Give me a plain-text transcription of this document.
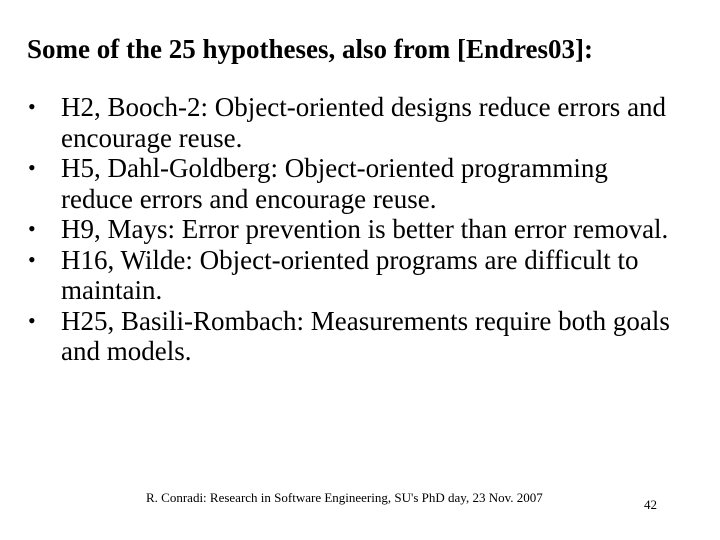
Some of the 25 hypotheses, also from [Endres03]:
• H2, Booch-2: Object-oriented designs reduce errors and encourage reuse.
• H5, Dahl-Goldberg: Object-oriented programming reduce errors and encourage reuse.
• H9, Mays: Error prevention is better than error removal.
• H16, Wilde: Object-oriented programs are difficult to maintain.
• H25, Basili-Rombach: Measurements require both goals and models.
R. Conradi: Research in Software Engineering, SU's PhD day, 23 Nov. 2007	42
